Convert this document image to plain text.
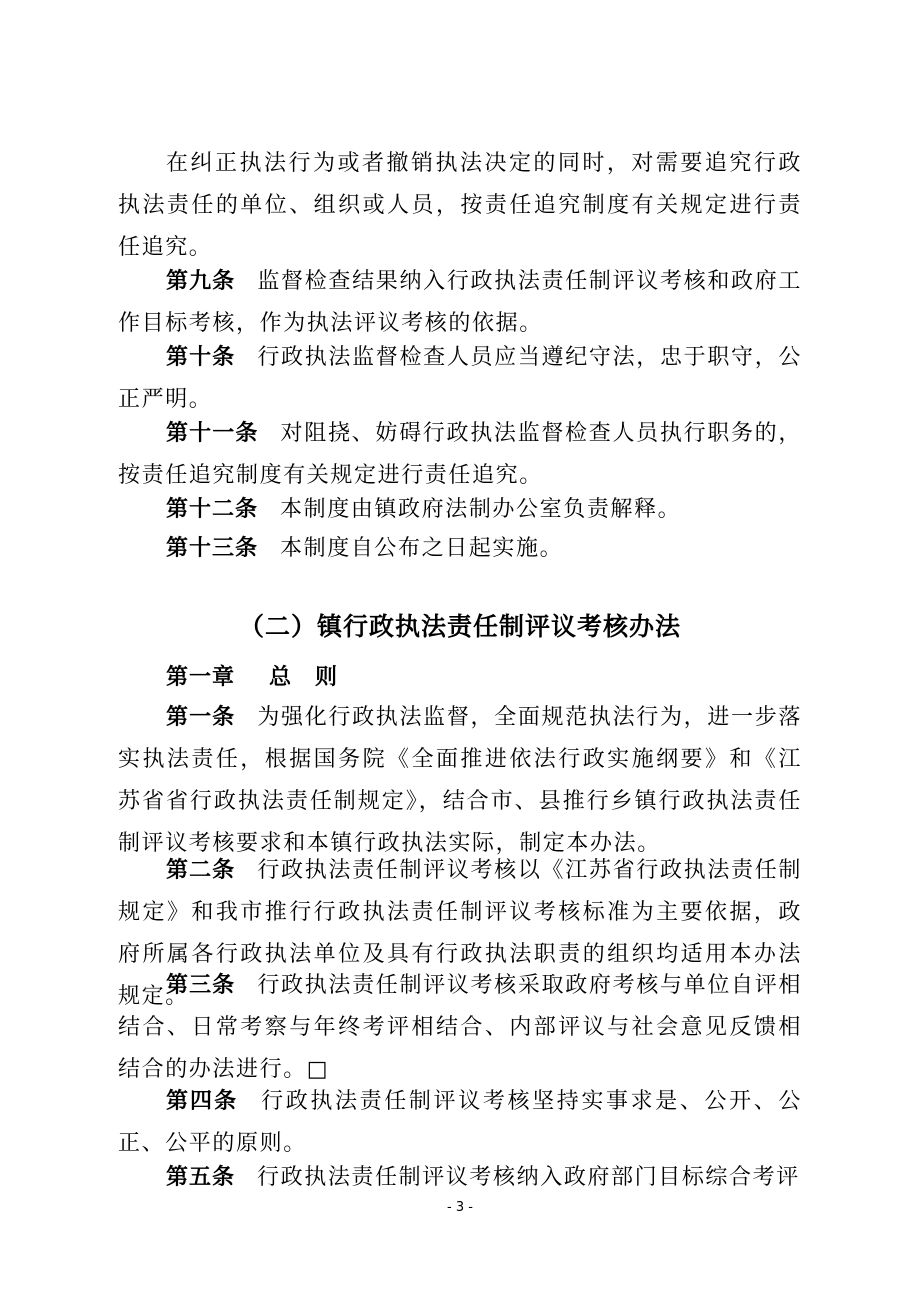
在纠正执法行为或者撤销执法决定的同时，对需要追究行政执法责任的单位、组织或人员，按责任追究制度有关规定进行责任追究。

第九条 监督检查结果纳入行政执法责任制评议考核和政府工作目标考核，作为执法评议考核的依据。

第十条 行政执法监督检查人员应当遵纪守法，忠于职守，公正严明。

第十一条 对阻挠、妨碍行政执法监督检查人员执行职务的，按责任追究制度有关规定进行责任追究。

第十二条 本制度由镇政府法制办公室负责解释。

第十三条 本制度自公布之日起实施。

（二）镇行政执法责任制评议考核办法

第一章 总　则

第一条 为强化行政执法监督，全面规范执法行为，进一步落实执法责任，根据国务院《全面推进依法行政实施纲要》和《江苏省省行政执法责任制规定》，结合市、县推行乡镇行政执法责任制评议考核要求和本镇行政执法实际，制定本办法。

第二条 行政执法责任制评议考核以《江苏省行政执法责任制规定》和我市推行行政执法责任制评议考核标准为主要依据，政府所属各行政执法单位及具有行政执法职责的组织均适用本办法规定。

第三条 行政执法责任制评议考核采取政府考核与单位自评相结合、日常考察与年终考评相结合、内部评议与社会意见反馈相结合的办法进行。□

第四条 行政执法责任制评议考核坚持实事求是、公开、公正、公平的原则。

第五条 行政执法责任制评议考核纳入政府部门目标综合考评

- 3 -
